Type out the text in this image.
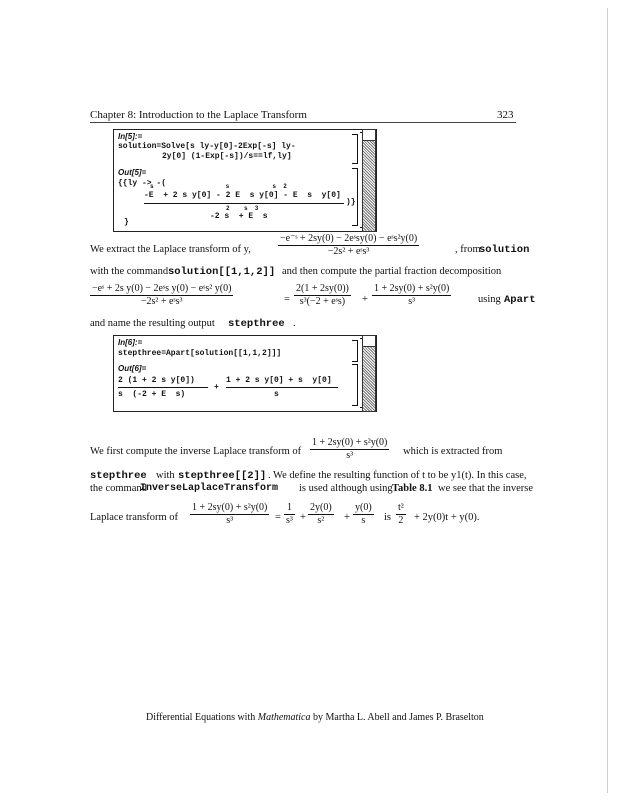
Chapter 8: Introduction to the Laplace Transform	323
In[5]:=
solution=Solve[s ly-y[0]-2Exp[-s] ly-
2y[0] (1-Exp[-s])/s==lf,ly]
Out[5]=
{{ly -> -(
s                    s            s  2
-E  + 2 s y[0] - 2 E  s y[0] - E  s  y[0]
)}
2    s  3
-2 s  + E  s
}
We extract the Laplace transform of y,
−e⁻ˢ + 2sy(0) − 2eˢsy(0) − eˢs²y(0)
−2s² + eˢs³	, from
solution
with the command solution[[1,1,2]] and then compute the partial fraction decomposition
−eˢ + 2s y(0) − 2eˢs y(0) − eˢs² y(0)
−2s² + eˢs³	=
2(1 + 2sy(0))
s³(−2 + eˢs)	+ $\frac{\text{1 + 2sy(0) + s²y(0)}}{\text{s³}}$	using Apart
and name the resulting output stepthree .
In[6]:=
stepthree=Apart[solution[[1,1,2]]]
Out[6]=
2 (1 + 2 s y[0])
s  (-2 + E  s)
+
1 + 2 s y[0] + s  y[0]
s
We first compute the inverse Laplace transform of $\frac{\text{1 + 2sy(0) + s²y(0)}}{\text{s³}}$ which is extracted from
stepthree with stepthree[[2]] . We define the resulting function of t to be y1(t). In this case,
the command
InverseLaplaceTransform is used although using Table 8.1 we see that the inverse
Laplace transform of $\frac{\text{1 + 2sy(0) + s²y(0)}}{\text{s³}} = \frac{1}{\text{s³}} + \frac{2y(0)}{\text{s²}} + \frac{y(0)}{s}$ is $\frac{\text{t²}}{2} + 2y(0)t + y(0)$.
Differential Equations with Mathematica by Martha L. Abell and James P. Braselton
